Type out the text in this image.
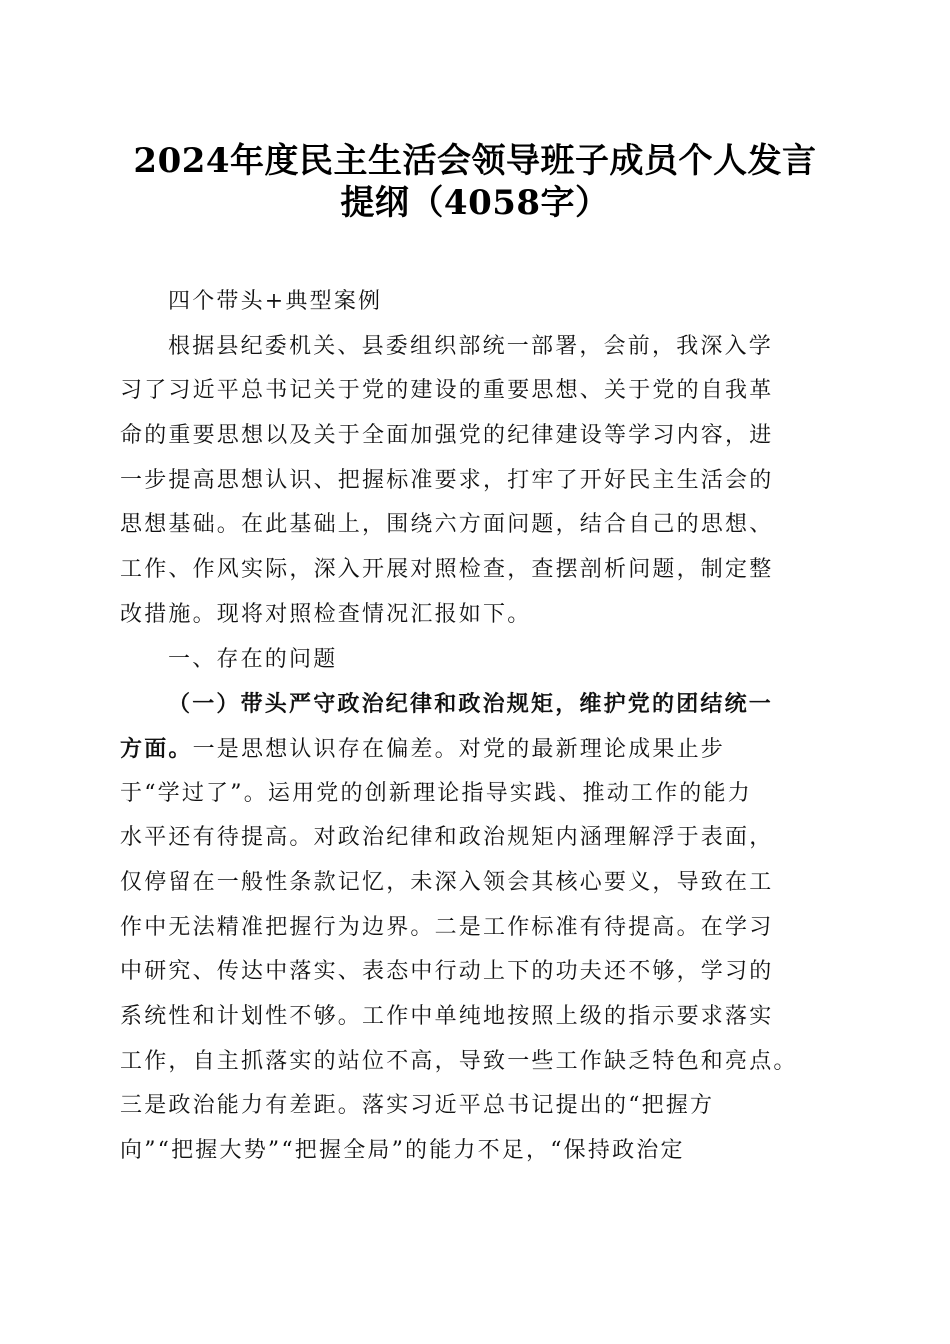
2024年度民主生活会领导班子成员个人发言
提纲（4058字）
四个带头+典型案例
根据县纪委机关、县委组织部统一部署，会前，我深入学
习了习近平总书记关于党的建设的重要思想、关于党的自我革
命的重要思想以及关于全面加强党的纪律建设等学习内容，进
一步提高思想认识、把握标准要求，打牢了开好民主生活会的
思想基础。在此基础上，围绕六方面问题，结合自己的思想、
工作、作风实际，深入开展对照检查，查摆剖析问题，制定整
改措施。现将对照检查情况汇报如下。
一、存在的问题
（一）带头严守政治纪律和政治规矩，维护党的团结统一
方面。一是思想认识存在偏差。对党的最新理论成果止步
于“学过了”。运用党的创新理论指导实践、推动工作的能力
水平还有待提高。对政治纪律和政治规矩内涵理解浮于表面，
仅停留在一般性条款记忆，未深入领会其核心要义，导致在工
作中无法精准把握行为边界。二是工作标准有待提高。在学习
中研究、传达中落实、表态中行动上下的功夫还不够，学习的
系统性和计划性不够。工作中单纯地按照上级的指示要求落实
工作，自主抓落实的站位不高，导致一些工作缺乏特色和亮点。
三是政治能力有差距。落实习近平总书记提出的“把握方
向”“把握大势”“把握全局”的能力不足，“保持政治定
